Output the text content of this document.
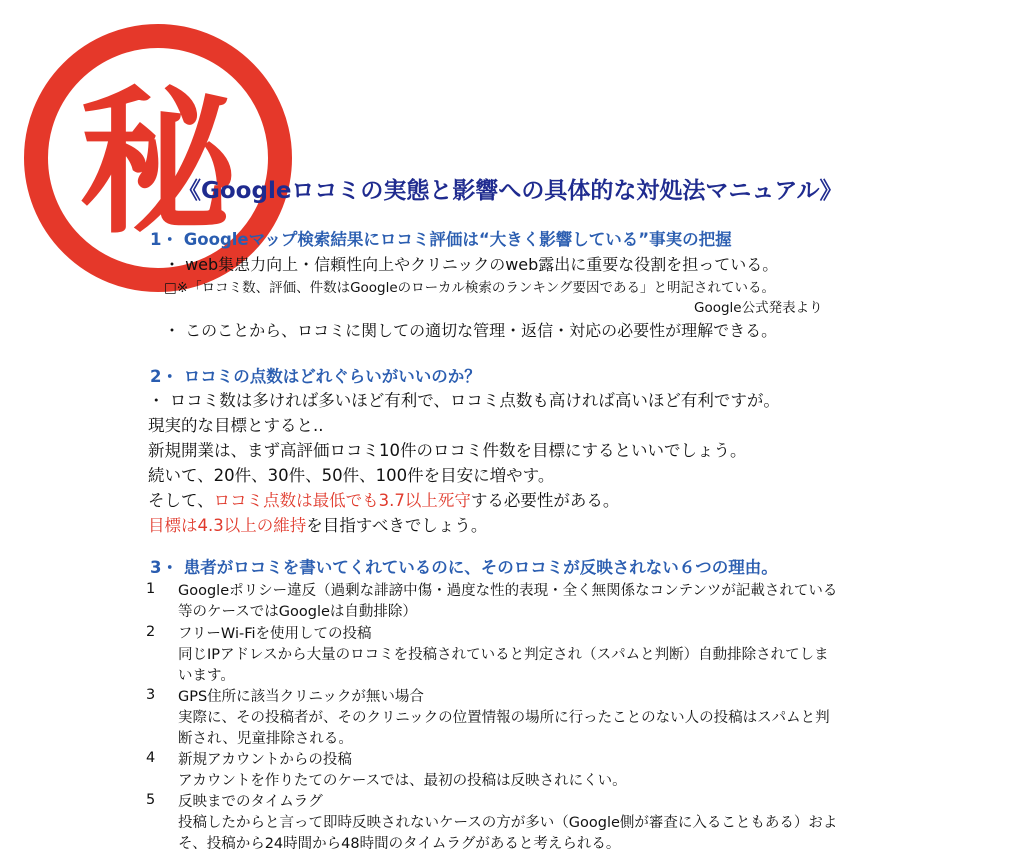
秘
《Googleロコミの実態と影響への具体的な対処法マニュアル》
1・ Googleマップ検索結果にロコミ評価は“大きく影響している”事実の把握
・ web集患力向上・信頼性向上やクリニックのweb露出に重要な役割を担っている。
□※「ロコミ数、評価、件数はGoogleのローカル検索のランキング要因である」と明記されている。
Google公式発表より
・ このことから、ロコミに関しての適切な管理・返信・対応の必要性が理解できる。
2・ ロコミの点数はどれぐらいがいいのか？
・ ロコミ数は多ければ多いほど有利で、ロコミ点数も高ければ高いほど有利ですが。
現実的な目標とすると..
新規開業は、まず高評価ロコミ10件のロコミ件数を目標にするといいでしょう。
続いて、20件、30件、50件、100件を目安に増やす。
そして、ロコミ点数は最低でも3.7以上死守する必要性がある。
目標は4.3以上の維持を目指すべきでしょう。
3・ 患者がロコミを書いてくれているのに、そのロコミが反映されない６つの理由。
1	Googleポリシー違反（過剰な誹謗中傷・過度な性的表現・全く無関係なコンテンツが記載されている
等のケースではGoogleは自動排除）
2	フリーWi-Fiを使用しての投稿
同じIPアドレスから大量のロコミを投稿されていると判定され（スパムと判断）自動排除されてしま
います。
3	GPS住所に該当クリニックが無い場合
実際に、その投稿者が、そのクリニックの位置情報の場所に行ったことのない人の投稿はスパムと判
断され、児童排除される。
4	新規アカウントからの投稿
アカウントを作りたてのケースでは、最初の投稿は反映されにくい。
5	反映までのタイムラグ
投稿したからと言って即時反映されないケースの方が多い（Google側が審査に入ることもある）およ
そ、投稿から24時間から48時間のタイムラグがあると考えられる。
